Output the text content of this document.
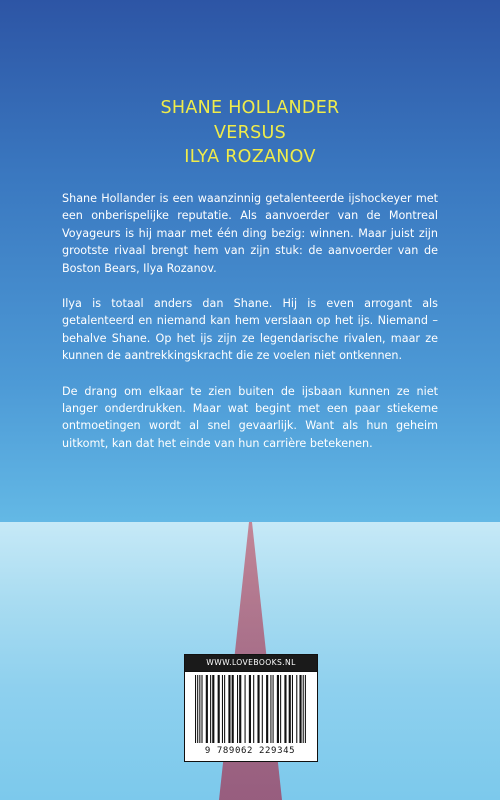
SHANE HOLLANDER
VERSUS
ILYA ROZANOV

Shane Hollander is een waanzinnig getalenteerde ijshockeyer met een onberispelijke reputatie. Als aanvoerder van de Montreal Voyageurs is hij maar met één ding bezig: winnen. Maar juist zijn grootste rivaal brengt hem van zijn stuk: de aanvoerder van de Boston Bears, Ilya Rozanov.

Ilya is totaal anders dan Shane. Hij is even arrogant als getalenteerd en niemand kan hem verslaan op het ijs. Niemand – behalve Shane. Op het ijs zijn ze legendarische rivalen, maar ze kunnen de aantrekkingskracht die ze voelen niet ontkennen.

De drang om elkaar te zien buiten de ijsbaan kunnen ze niet langer onderdrukken. Maar wat begint met een paar stiekeme ontmoetingen wordt al snel gevaarlijk. Want als hun geheim uitkomt, kan dat het einde van hun carrière betekenen.

WWW.LOVEBOOKS.NL
9 789062 229345
